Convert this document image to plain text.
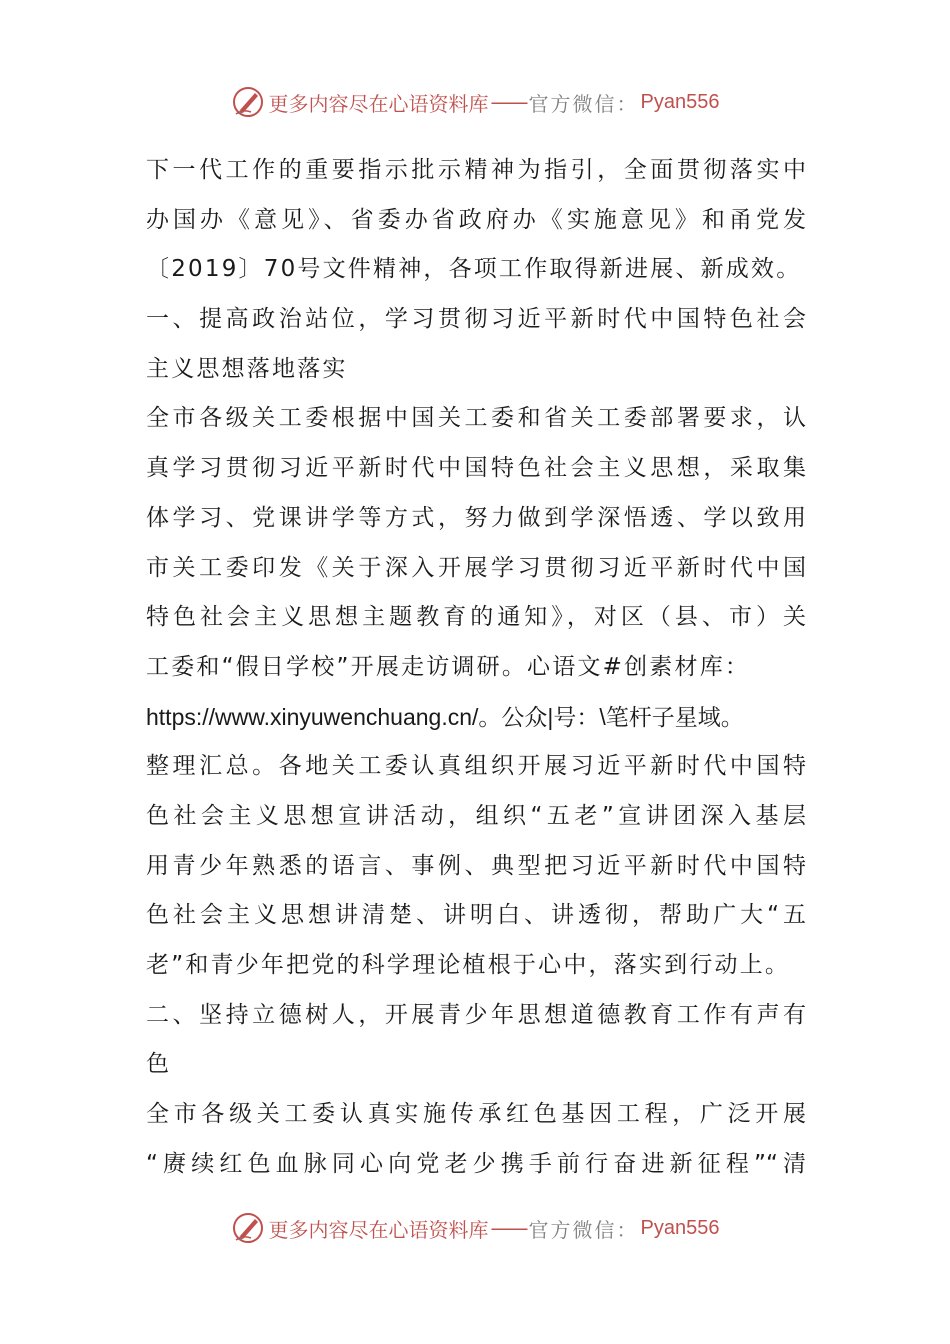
更多内容尽在心语资料库 —— 官方微信： Pyan556
下一代工作的重要指示批示精神为指引，全面贯彻落实中
办国办《意见》、省委办省政府办《实施意见》和甬党发
〔2019〕70号文件精神，各项工作取得新进展、新成效。
一、提高政治站位，学习贯彻习近平新时代中国特色社会
主义思想落地落实
全市各级关工委根据中国关工委和省关工委部署要求，认
真学习贯彻习近平新时代中国特色社会主义思想，采取集
体学习、党课讲学等方式，努力做到学深悟透、学以致用
市关工委印发《关于深入开展学习贯彻习近平新时代中国
特色社会主义思想主题教育的通知》，对区（县、市）关
工委和“假日学校”开展走访调研。心语文#创素材库：
https://www.xinyuwenchuang.cn/。公众|号：\笔杆子星域。
整理汇总。各地关工委认真组织开展习近平新时代中国特
色社会主义思想宣讲活动，组织“五老”宣讲团深入基层
用青少年熟悉的语言、事例、典型把习近平新时代中国特
色社会主义思想讲清楚、讲明白、讲透彻，帮助广大“五
老”和青少年把党的科学理论植根于心中，落实到行动上。
二、坚持立德树人，开展青少年思想道德教育工作有声有
色
全市各级关工委认真实施传承红色基因工程，广泛开展
“赓续红色血脉同心向党老少携手前行奋进新征程”“清
更多内容尽在心语资料库 —— 官方微信： Pyan556
